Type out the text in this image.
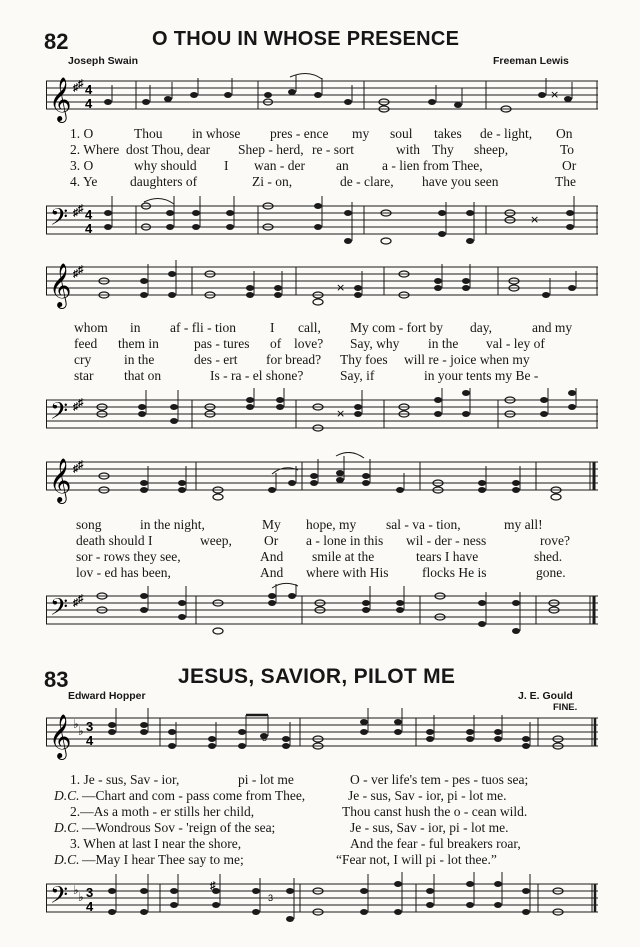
82	O THOU IN WHOSE PRESENCE
Joseph Swain	Freeman Lewis
𝄞 ♯ ♯ 4
4
×
1. O	Thou in whose pres - ence my soul takes de - light, On
2. Where dost Thou, dear Shep - herd, re - sort	with Thy sheep,	To
3. O	why should I wan - der an a - lien from Thee,	Or
4. Ye daughters of	Zi - on,	de - clare, have you seen	The
𝄢 ♯ ♯ 4
4
×
𝄞 ♯ ♯
×
whom in af - fli - tion	I call, My com - fort by day,	and my
feed them in	pas - tures of love? Say, why in the val - ley of
cry in the	des - ert for bread? Thy foes will re - joice when my
star that on	Is - ra - el shone?	Say, if	in your tents my Be -
𝄢 ♯ ♯
×
𝄞 ♯ ♯
song	in the night,	My hope, my sal - va - tion,	my all!
death should I	weep, Or a - lone in this wil - der - ness	rove?
sor - rows they see,	And smile at the	tears I have	shed.
lov - ed has been,	And where with His flocks He is	gone.
𝄢 ♯ ♯
83	JESUS, SAVIOR, PILOT ME
Edward Hopper	J. E. Gould
FINE.
𝄞 ♭ ♭ 3
4	3
1. Je - sus, Sav - ior,	pi - lot me	O - ver life's tem - pes - tuos sea;
D.C. —Chart and com - pass come from Thee,	Je - sus, Sav - ior, pi - lot me.
2.—As a moth - er stills her child,	Thou canst hush the o - cean wild.
D.C. —Wondrous Sov - 'reign of the sea;	Je - sus, Sav - ior, pi - lot me.
3. When at last I near the shore,	And the fear - ful breakers roar,
D.C. —May I hear Thee say to me;	“Fear not, I will pi - lot thee.”
𝄢 ♭ ♭ 3
4
♯
3
